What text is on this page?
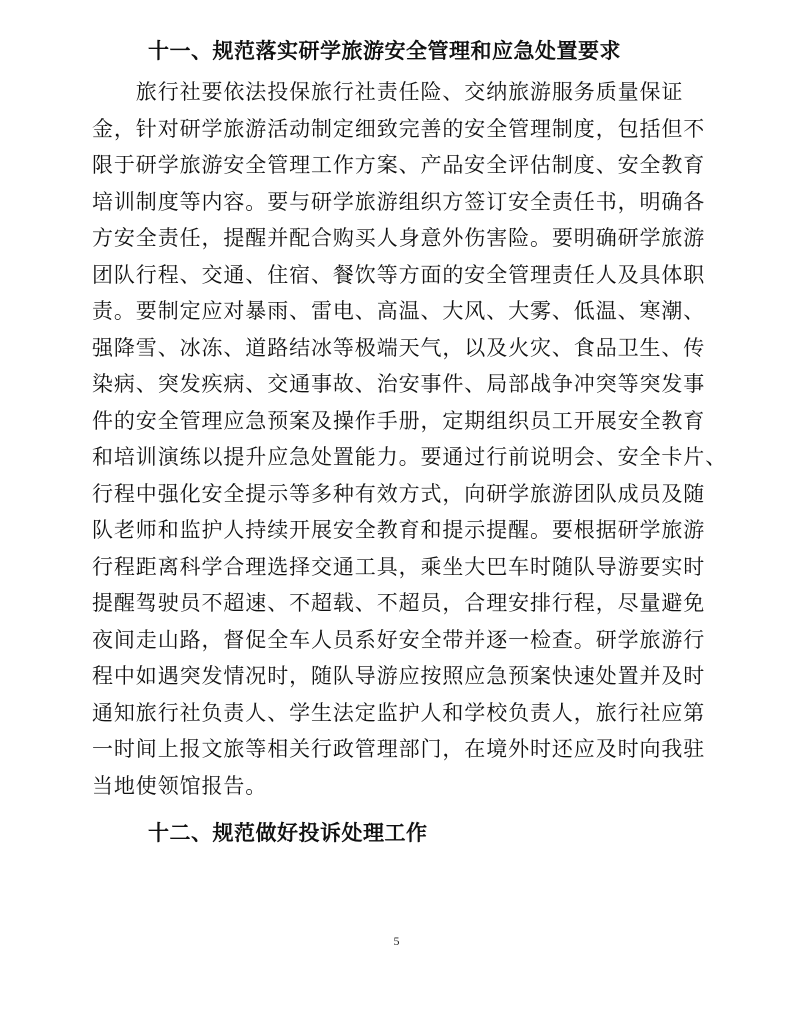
十一、规范落实研学旅游安全管理和应急处置要求
　　旅行社要依法投保旅行社责任险、交纳旅游服务质量保证
金，针对研学旅游活动制定细致完善的安全管理制度，包括但不
限于研学旅游安全管理工作方案、产品安全评估制度、安全教育
培训制度等内容。要与研学旅游组织方签订安全责任书，明确各
方安全责任，提醒并配合购买人身意外伤害险。要明确研学旅游
团队行程、交通、住宿、餐饮等方面的安全管理责任人及具体职
责。要制定应对暴雨、雷电、高温、大风、大雾、低温、寒潮、
强降雪、冰冻、道路结冰等极端天气，以及火灾、食品卫生、传
染病、突发疾病、交通事故、治安事件、局部战争冲突等突发事
件的安全管理应急预案及操作手册，定期组织员工开展安全教育
和培训演练以提升应急处置能力。要通过行前说明会、安全卡片、
行程中强化安全提示等多种有效方式，向研学旅游团队成员及随
队老师和监护人持续开展安全教育和提示提醒。要根据研学旅游
行程距离科学合理选择交通工具，乘坐大巴车时随队导游要实时
提醒驾驶员不超速、不超载、不超员，合理安排行程，尽量避免
夜间走山路，督促全车人员系好安全带并逐一检查。研学旅游行
程中如遇突发情况时，随队导游应按照应急预案快速处置并及时
通知旅行社负责人、学生法定监护人和学校负责人，旅行社应第
一时间上报文旅等相关行政管理部门，在境外时还应及时向我驻
当地使领馆报告。
十二、规范做好投诉处理工作
5
